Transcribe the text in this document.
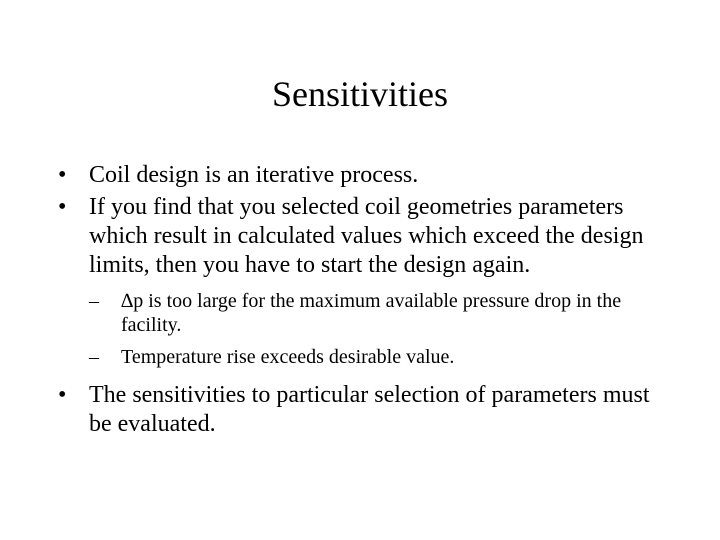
Sensitivities
• Coil design is an iterative process.
• If you find that you selected coil geometries parameters which result in calculated values which exceed the design limits, then you have to start the design again.
–	∆p is too large for the maximum available pressure drop in the facility.
–	Temperature rise exceeds desirable value.
• The sensitivities to particular selection of parameters must be evaluated.
